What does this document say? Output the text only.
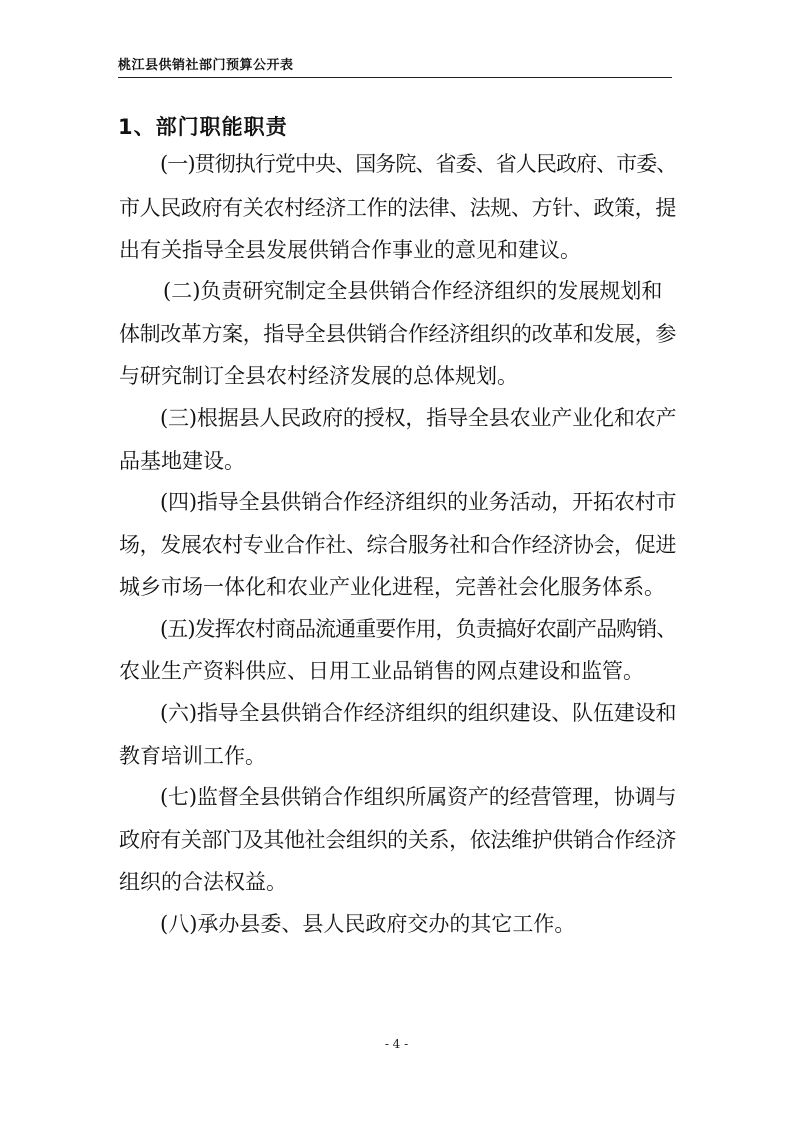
桃江县供销社部门预算公开表
1、部门职能职责
(一)贯彻执行党中央、国务院、省委、省人民政府、市委、
市人民政府有关农村经济工作的法律、法规、方针、政策，提
出有关指导全县发展供销合作事业的意见和建议。
(二)负责研究制定全县供销合作经济组织的发展规划和
体制改革方案，指导全县供销合作经济组织的改革和发展，参
与研究制订全县农村经济发展的总体规划。
(三)根据县人民政府的授权，指导全县农业产业化和农产
品基地建设。
(四)指导全县供销合作经济组织的业务活动，开拓农村市
场，发展农村专业合作社、综合服务社和合作经济协会，促进
城乡市场一体化和农业产业化进程，完善社会化服务体系。
(五)发挥农村商品流通重要作用，负责搞好农副产品购销、
农业生产资料供应、日用工业品销售的网点建设和监管。
(六)指导全县供销合作经济组织的组织建设、队伍建设和
教育培训工作。
(七)监督全县供销合作组织所属资产的经营管理，协调与
政府有关部门及其他社会组织的关系，依法维护供销合作经济
组织的合法权益。
(八)承办县委、县人民政府交办的其它工作。
- 4 -
